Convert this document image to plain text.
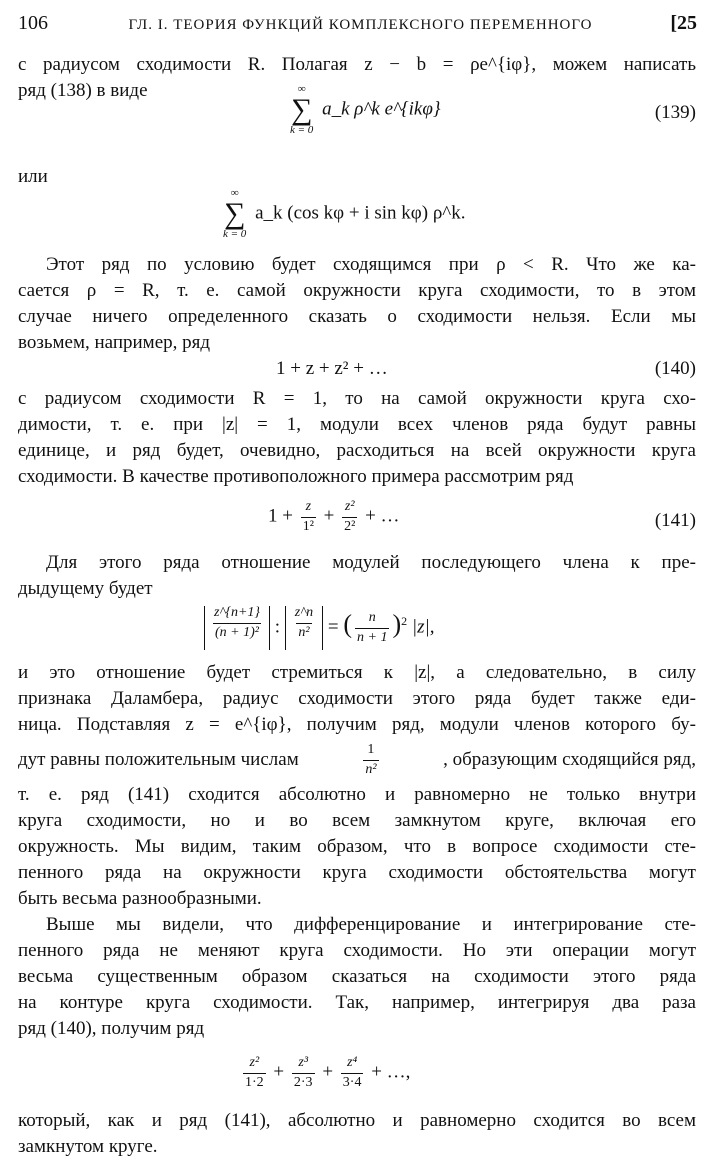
106	ГЛ. I. ТЕОРИЯ ФУНКЦИЙ КОМПЛЕКСНОГО ПЕРЕМЕННОГО	[25
с радиусом сходимости R. Полагая z − b = ρe^{iφ}, можем написать
ряд (138) в виде	∞
∑
k = 0
a_k ρ^k e^{ikφ}	(139)
или
∞
∑
k = 0
a_k (cos kφ + i sin kφ) ρ^k.
Этот ряд по условию будет сходящимся при ρ < R. Что же ка-
сается ρ = R, т. е. самой окружности круга сходимости, то в этом
случае ничего определенного сказать о сходимости нельзя. Если мы
возьмем, например, ряд
1 + z + z² + …	(140)
с радиусом сходимости R = 1, то на самой окружности круга схо-
димости, т. е. при |z| = 1, модули всех членов ряда будут равны
единице, и ряд будет, очевидно, расходиться на всей окружности круга
сходимости. В качестве противоположного примера рассмотрим ряд
$1 + \frac{z}{\text{1²}} + \frac{\text{z²}}{\text{2²}}$ + …	(141)
Для этого ряда отношение модулей последующего члена к пре-
дыдущему будет
$\frac{z\^{}\{n+1\}}{\text{(n + 1)²}}$ : $\frac{z\^{}n}{\text{n²}}$ = ( $\frac{n}{n + 1} )^2$ |z|,
и это отношение будет стремиться к |z|, а следовательно, в силу
признака Даламбера, радиус сходимости этого ряда будет также еди-
ница. Подставляя z = e^{iφ}, получим ряд, модули членов которого бу-
дут равны положительным числам	$\frac{1}{\text{n²}}$	, образующим сходящийся ряд,
т. е. ряд (141) сходится абсолютно и равномерно не только внутри
круга сходимости, но и во всем замкнутом круге, включая его
окружность. Мы видим, таким образом, что в вопросе сходимости сте-
пенного ряда на окружности круга сходимости обстоятельства могут
быть весьма разнообразными.
Выше мы видели, что дифференцирование и интегрирование сте-
пенного ряда не меняют круга сходимости. Но эти операции могут
весьма существенным образом сказаться на сходимости этого ряда
на контуре круга сходимости. Так, например, интегрируя два раза
ряд (140), получим ряд
$\frac{\text{z²}}{1\cdot 2} + \frac{\text{z³}}{2\cdot 3} + \frac{\text{z⁴}}{3\cdot 4}$ + …,
который, как и ряд (141), абсолютно и равномерно сходится во всем
замкнутом круге.
